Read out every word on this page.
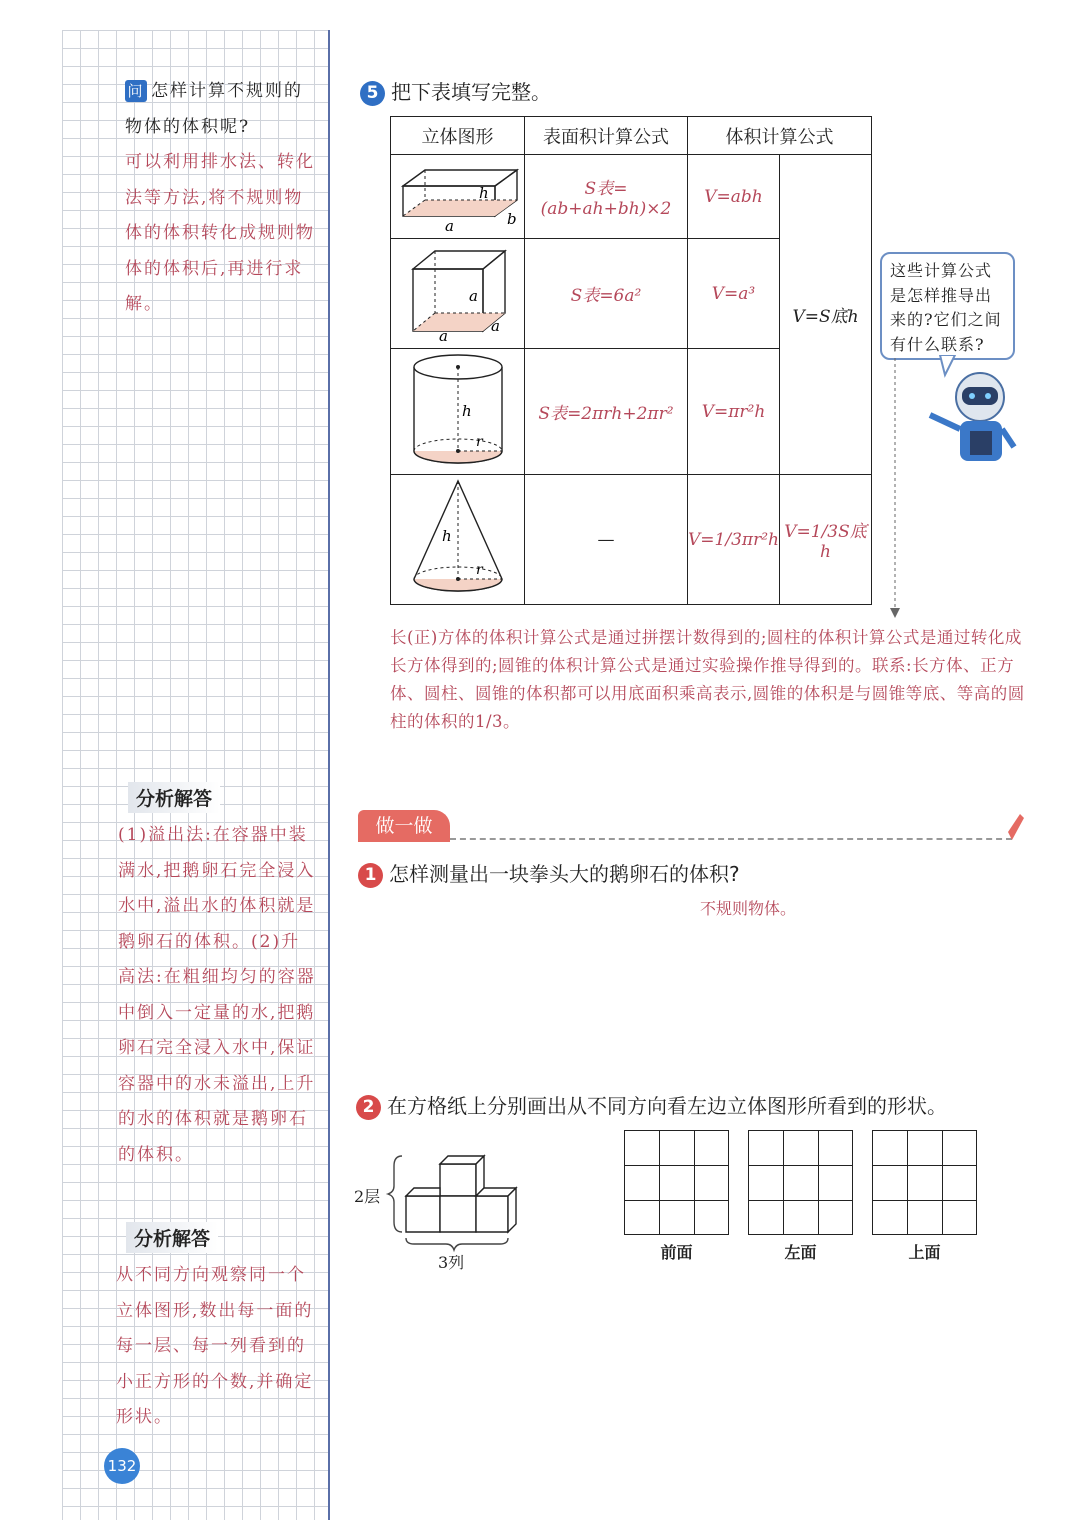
问 怎样计算不规则的物体的体积呢?
可以利用排水法、转化法等方法,将不规则物体的体积转化成规则物体的体积后,再进行求解。
分析解答
(1)溢出法:在容器中装满水,把鹅卵石完全浸入水中,溢出水的体积就是鹅卵石的体积。(2)升高法:在粗细均匀的容器中倒入一定量的水,把鹅卵石完全浸入水中,保证容器中的水未溢出,上升的水的体积就是鹅卵石的体积。
分析解答
从不同方向观察同一个立体图形,数出每一面的每一层、每一列看到的小正方形的个数,并确定形状。
132
5 把下表填写完整。
立体图形	表面积计算公式	体积计算公式	

h
a b	S表=(ab+ah+bh)×2	V=abh	V=S底h

a
a
a	S表=6a²	V=a³	

h
r	S表=2πrh+2πr²	V=πr²h	

h
r	—	V=1/3πr²h	V=1/3S底h
这些计算公式是怎样推导出来的?它们之间有什么联系?
长(正)方体的体积计算公式是通过拼摆计数得到的;圆柱的体积计算公式是通过转化成长方体得到的;圆锥的体积计算公式是通过实验操作推导得到的。联系:长方体、正方体、圆柱、圆锥的体积都可以用底面积乘高表示,圆锥的体积是与圆锥等底、等高的圆柱的体积的1/3。
做一做
1 怎样测量出一块拳头大的鹅卵石的体积?
不规则物体。
2 在方格纸上分别画出从不同方向看左边立体图形所看到的形状。
2层
3列
前面	左面	上面
